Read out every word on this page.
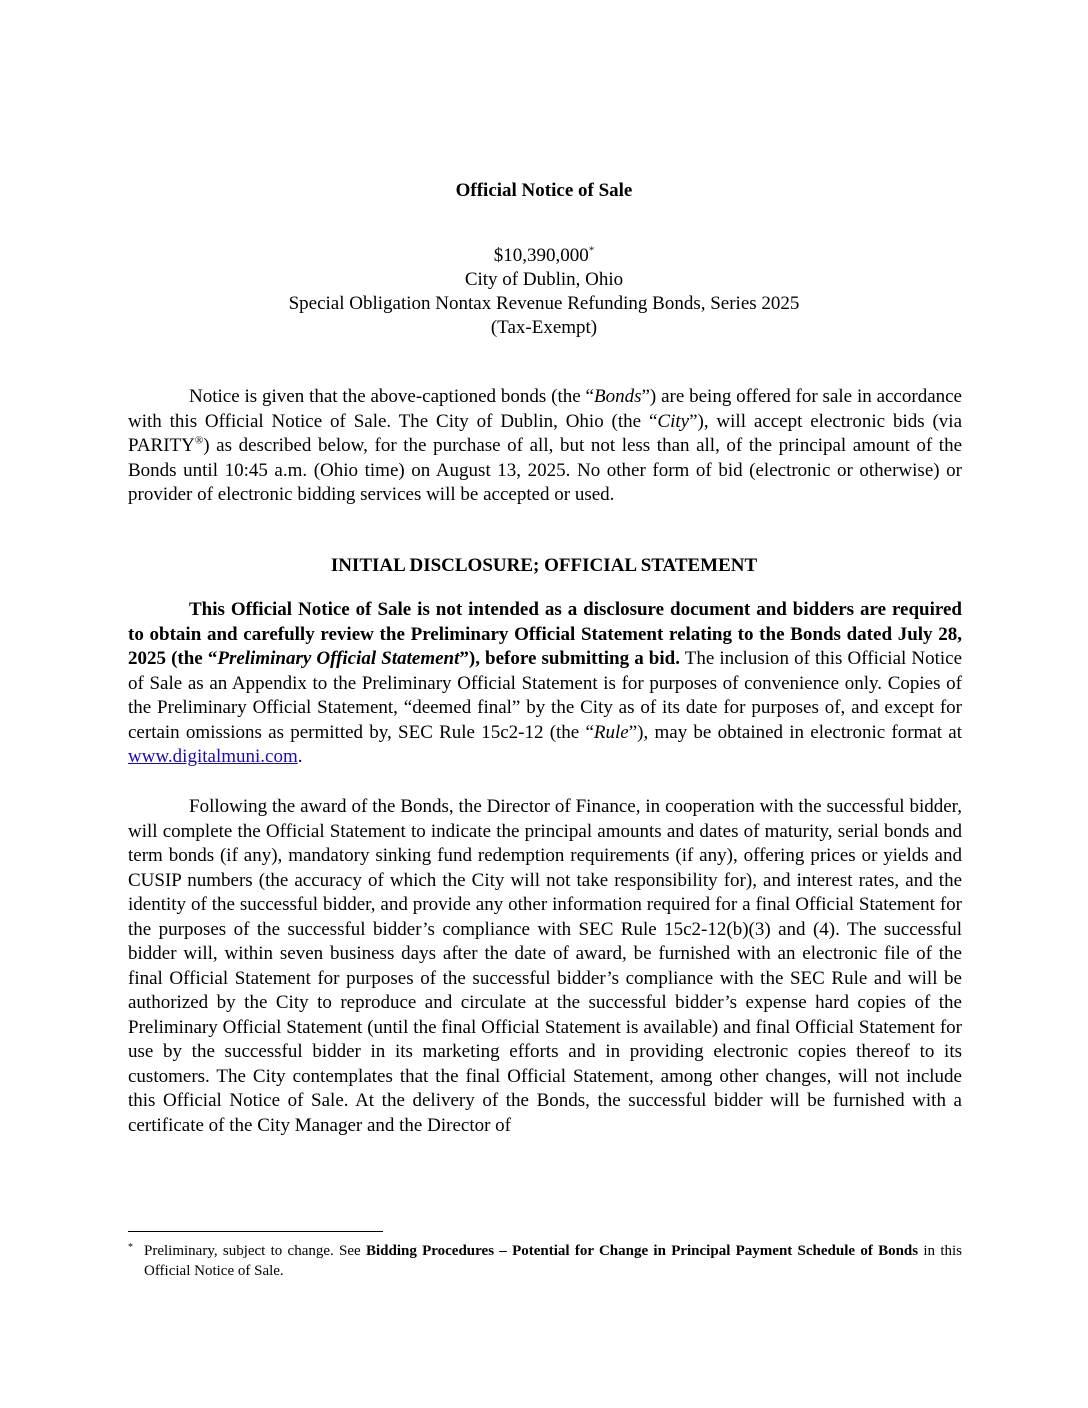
Official Notice of Sale
$10,390,000*
City of Dublin, Ohio
Special Obligation Nontax Revenue Refunding Bonds, Series 2025
(Tax-Exempt)

Notice is given that the above-captioned bonds (the “Bonds”) are being offered for sale in accordance with this Official Notice of Sale. The City of Dublin, Ohio (the “City”), will accept electronic bids (via PARITY®) as described below, for the purchase of all, but not less than all, of the principal amount of the Bonds until 10:45 a.m. (Ohio time) on August 13, 2025. No other form of bid (electronic or otherwise) or provider of electronic bidding services will be accepted or used.

INITIAL DISCLOSURE; OFFICIAL STATEMENT

This Official Notice of Sale is not intended as a disclosure document and bidders are required to obtain and carefully review the Preliminary Official Statement relating to the Bonds dated July 28, 2025 (the “Preliminary Official Statement”), before submitting a bid. The inclusion of this Official Notice of Sale as an Appendix to the Preliminary Official Statement is for purposes of convenience only. Copies of the Preliminary Official Statement, “deemed final” by the City as of its date for purposes of, and except for certain omissions as permitted by, SEC Rule 15c2-12 (the “Rule”), may be obtained in electronic format at www.digitalmuni.com.

Following the award of the Bonds, the Director of Finance, in cooperation with the successful bidder, will complete the Official Statement to indicate the principal amounts and dates of maturity, serial bonds and term bonds (if any), mandatory sinking fund redemption requirements (if any), offering prices or yields and CUSIP numbers (the accuracy of which the City will not take responsibility for), and interest rates, and the identity of the successful bidder, and provide any other information required for a final Official Statement for the purposes of the successful bidder’s compliance with SEC Rule 15c2-12(b)(3) and (4). The successful bidder will, within seven business days after the date of award, be furnished with an electronic file of the final Official Statement for purposes of the successful bidder’s compliance with the SEC Rule and will be authorized by the City to reproduce and circulate at the successful bidder’s expense hard copies of the Preliminary Official Statement (until the final Official Statement is available) and final Official Statement for use by the successful bidder in its marketing efforts and in providing electronic copies thereof to its customers. The City contemplates that the final Official Statement, among other changes, will not include this Official Notice of Sale. At the delivery of the Bonds, the successful bidder will be furnished with a certificate of the City Manager and the Director of

* Preliminary, subject to change. See Bidding Procedures – Potential for Change in Principal Payment Schedule of Bonds in this Official Notice of Sale.
